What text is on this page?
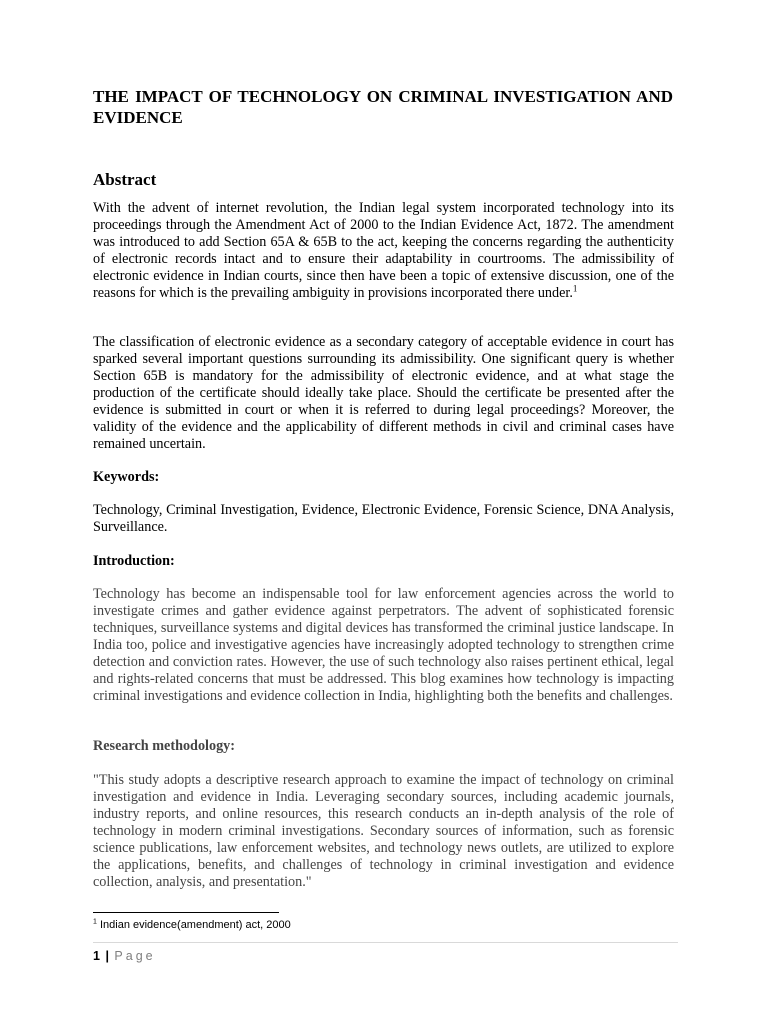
THE IMPACT OF TECHNOLOGY ON CRIMINAL INVESTIGATION AND EVIDENCE
Abstract

With the advent of internet revolution, the Indian legal system incorporated technology into its proceedings through the Amendment Act of 2000 to the Indian Evidence Act, 1872. The amendment was introduced to add Section 65A & 65B to the act, keeping the concerns regarding the authenticity of electronic records intact and to ensure their adaptability in courtrooms. The admissibility of electronic evidence in Indian courts, since then have been a topic of extensive discussion, one of the reasons for which is the prevailing ambiguity in provisions incorporated there under.$^1$

The classification of electronic evidence as a secondary category of acceptable evidence in court has sparked several important questions surrounding its admissibility. One significant query is whether Section 65B is mandatory for the admissibility of electronic evidence, and at what stage the production of the certificate should ideally take place. Should the certificate be presented after the evidence is submitted in court or when it is referred to during legal proceedings? Moreover, the validity of the evidence and the applicability of different methods in civil and criminal cases have remained uncertain.

Keywords:

Technology, Criminal Investigation, Evidence, Electronic Evidence, Forensic Science, DNA Analysis, Surveillance.

Introduction:

Technology has become an indispensable tool for law enforcement agencies across the world to investigate crimes and gather evidence against perpetrators. The advent of sophisticated forensic techniques, surveillance systems and digital devices has transformed the criminal justice landscape. In India too, police and investigative agencies have increasingly adopted technology to strengthen crime detection and conviction rates. However, the use of such technology also raises pertinent ethical, legal and rights-related concerns that must be addressed. This blog examines how technology is impacting criminal investigations and evidence collection in India, highlighting both the benefits and challenges.

Research methodology:

"This study adopts a descriptive research approach to examine the impact of technology on criminal investigation and evidence in India. Leveraging secondary sources, including academic journals, industry reports, and online resources, this research conducts an in-depth analysis of the role of technology in modern criminal investigations. Secondary sources of information, such as forensic science publications, law enforcement websites, and technology news outlets, are utilized to explore the applications, benefits, and challenges of technology in criminal investigation and evidence collection, analysis, and presentation."

$^1$ Indian evidence(amendment) act, 2000
1 | Page
